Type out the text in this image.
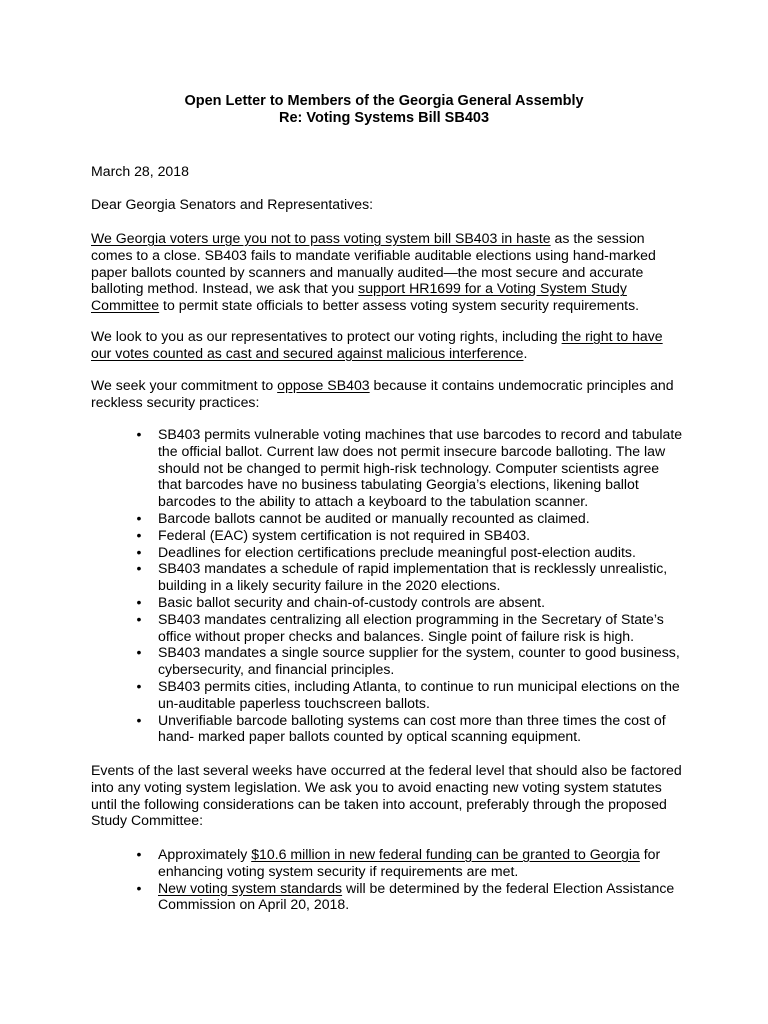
Open Letter to Members of the Georgia General Assembly
Re: Voting Systems Bill SB403
March 28, 2018
Dear Georgia Senators and Representatives:
We Georgia voters urge you not to pass voting system bill SB403 in haste as the session comes to a close. SB403 fails to mandate verifiable auditable elections using hand-marked paper ballots counted by scanners and manually audited—the most secure and accurate balloting method. Instead, we ask that you support HR1699 for a Voting System Study Committee to permit state officials to better assess voting system security requirements.
We look to you as our representatives to protect our voting rights, including the right to have our votes counted as cast and secured against malicious interference.
We seek your commitment to oppose SB403 because it contains undemocratic principles and reckless security practices:
• SB403 permits vulnerable voting machines that use barcodes to record and tabulate the official ballot. Current law does not permit insecure barcode balloting. The law should not be changed to permit high-risk technology. Computer scientists agree that barcodes have no business tabulating Georgia’s elections, likening ballot barcodes to the ability to attach a keyboard to the tabulation scanner.
• Barcode ballots cannot be audited or manually recounted as claimed.
• Federal (EAC) system certification is not required in SB403.
• Deadlines for election certifications preclude meaningful post-election audits.
• SB403 mandates a schedule of rapid implementation that is recklessly unrealistic, building in a likely security failure in the 2020 elections.
• Basic ballot security and chain-of-custody controls are absent.
• SB403 mandates centralizing all election programming in the Secretary of State’s office without proper checks and balances. Single point of failure risk is high.
• SB403 mandates a single source supplier for the system, counter to good business, cybersecurity, and financial principles.
• SB403 permits cities, including Atlanta, to continue to run municipal elections on the un-auditable paperless touchscreen ballots.
• Unverifiable barcode balloting systems can cost more than three times the cost of hand- marked paper ballots counted by optical scanning equipment.
Events of the last several weeks have occurred at the federal level that should also be factored into any voting system legislation. We ask you to avoid enacting new voting system statutes until the following considerations can be taken into account, preferably through the proposed Study Committee:
• Approximately $10.6 million in new federal funding can be granted to Georgia for enhancing voting system security if requirements are met.
• New voting system standards will be determined by the federal Election Assistance Commission on April 20, 2018.
